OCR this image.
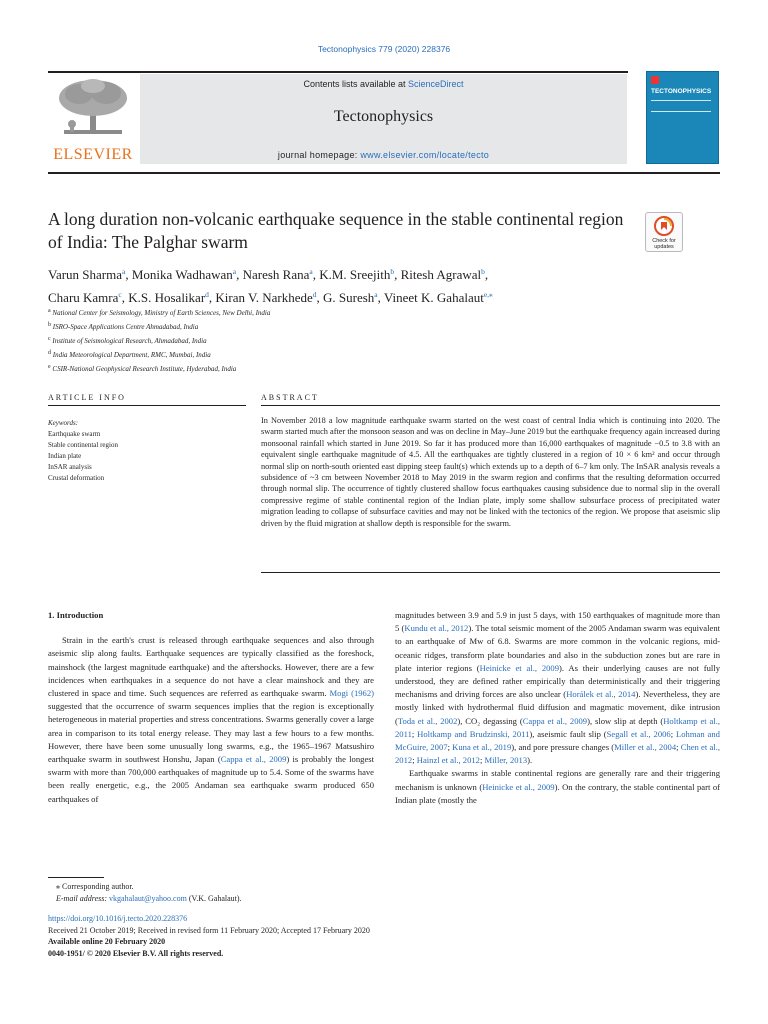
Tectonophysics 779 (2020) 228376
ELSEVIER
Contents lists available at ScienceDirect
Tectonophysics
journal homepage: www.elsevier.com/locate/tecto
TECTONOPHYSICS
A long duration non-volcanic earthquake sequence in the stable continental region of India: The Palghar swarm	Check for
updates
Varun Sharma$^a$, Monika Wadhawan$^a$, Naresh Rana$^a$, K.M. Sreejith$^b$, Ritesh Agrawal$^b$,
Charu Kamra$^c$, K.S. Hosalikar$^d$, Kiran V. Narkhede$^d$, G. Suresh$^a$, Vineet K. Gahalaut$^{e,⁎}$
$^a$ National Center for Seismology, Ministry of Earth Sciences, New Delhi, India
$^b$ ISRO-Space Applications Centre Ahmadabad, India
$^c$ Institute of Seismological Research, Ahmadabad, India
$^d$ India Meteorological Department, RMC, Mumbai, India
$^e$ CSIR-National Geophysical Research Institute, Hyderabad, India
ARTICLE INFO	ABSTRACT
Keywords:
Earthquake swarm
Stable continental region
Indian plate
InSAR analysis
Crustal deformation
In November 2018 a low magnitude earthquake swarm started on the west coast of central India which is continuing into 2020. The swarm started much after the monsoon season and was on decline in May–June 2019 but the earthquake frequency again increased during monsoonal rainfall which started in June 2019. So far it has produced more than 16,000 earthquakes of magnitude −0.5 to 3.8 with an equivalent single earthquake magnitude of 4.5. All the earthquakes are tightly clustered in a region of 10 × 6 km² and occur through normal slip on north-south oriented east dipping steep fault(s) which extends up to a depth of 6–7 km only. The InSAR analysis reveals a subsidence of ~3 cm between November 2018 to May 2019 in the swarm region and confirms that the resulting deformation occurred through normal slip. The occurrence of tightly clustered shallow focus earthquakes causing subsidence due to normal slip in the overall compressive regime of stable continental region of the Indian plate, imply some shallow subsurface process of precipitated water migration leading to collapse of subsurface cavities and may not be linked with the tectonics of the region. We propose that aseismic slip driven by the fluid migration at shallow depth is responsible for the swarm.
1. Introduction
Strain in the earth's crust is released through earthquake sequences and also through aseismic slip along faults. Earthquake sequences are typically classified as the foreshock, mainshock (the largest magnitude earthquake) and the aftershocks. However, there are a few incidences when earthquakes in a sequence do not have a clear mainshock and they are clustered in space and time. Such sequences are referred as earthquake swarm. Mogi (1962) suggested that the occurrence of swarm sequences implies that the region is exceptionally heterogeneous in material properties and stress concentrations. Swarms generally cover a large area in comparison to its total energy release. They may last a few hours to a few months. However, there have been some unusually long swarms, e.g., the 1965–1967 Matsushiro earthquake swarm in southwest Honshu, Japan (Cappa et al., 2009) is probably the longest swarm with more than 700,000 earthquakes of magnitude up to 5.4. Some of the swarms have been really energetic, e.g., the 2005 Andaman sea earthquake swarm produced 650 earthquakes of
magnitudes between 3.9 and 5.9 in just 5 days, with 150 earthquakes of magnitude more than 5 (Kundu et al., 2012). The total seismic moment of the 2005 Andaman swarm was equivalent to an earthquake of Mw of 6.8. Swarms are more common in the volcanic regions, mid-oceanic ridges, transform plate boundaries and also in the subduction zones but are rare in plate interior regions (Heinicke et al., 2009). As their underlying causes are not fully understood, they are defined rather empirically than deterministically and their triggering mechanisms and driving forces are also unclear (Horálek et al., 2014). Nevertheless, they are mostly linked with hydrothermal fluid diffusion and magmatic movement, dike intrusion (Toda et al., 2002), CO₂ degassing (Cappa et al., 2009), slow slip at depth (Holtkamp et al., 2011; Holtkamp and Brudzinski, 2011), aseismic fault slip (Segall et al., 2006; Lohman and McGuire, 2007; Kuna et al., 2019), and pore pressure changes (Miller et al., 2004; Chen et al., 2012; Hainzl et al., 2012; Miller, 2013).
Earthquake swarms in stable continental regions are generally rare and their triggering mechanism is unknown (Heinicke et al., 2009). On the contrary, the stable continental part of Indian plate (mostly the
⁎ Corresponding author.
E-mail address: vkgahalaut@yahoo.com (V.K. Gahalaut).
https://doi.org/10.1016/j.tecto.2020.228376
Received 21 October 2019; Received in revised form 11 February 2020; Accepted 17 February 2020
Available online 20 February 2020
0040-1951/ © 2020 Elsevier B.V. All rights reserved.
